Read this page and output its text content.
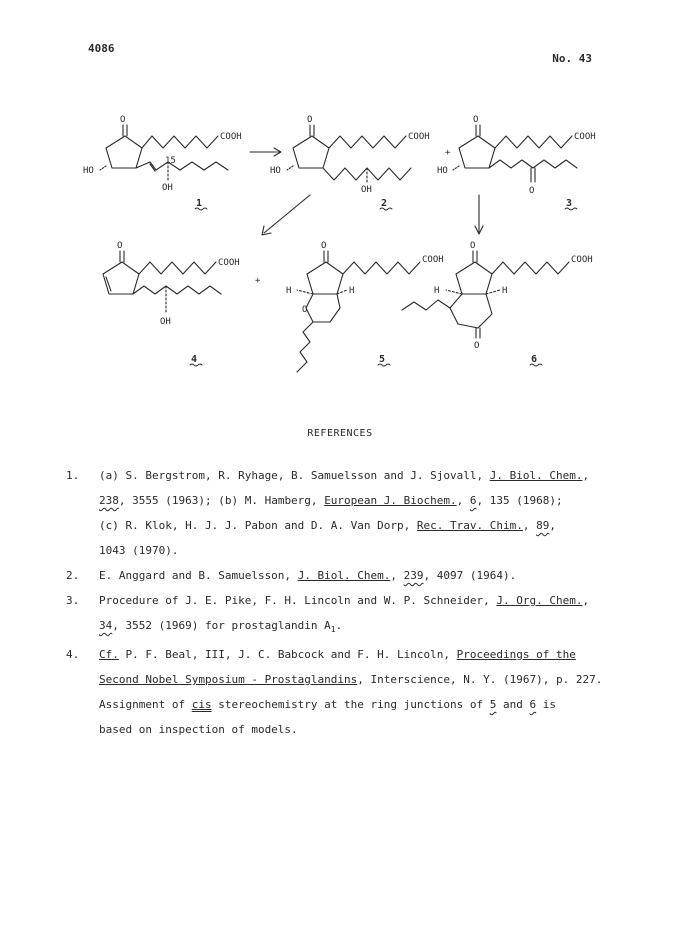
4086
No. 43
O
COOH
HO
15
OH
O
COOH
HO
OH
+
O
COOH
HO
O
O
COOH
OH
+
O
COOH
H	H
O
O
COOH
H	H
O
1	2	3
4	5	6
REFERENCES
1. (a) S. Bergstrom, R. Ryhage, B. Samuelsson and J. Sjovall, J. Biol. Chem.,
238, 3555 (1963); (b) M. Hamberg, European J. Biochem., 6, 135 (1968);
(c) R. Klok, H. J. J. Pabon and D. A. Van Dorp, Rec. Trav. Chim., 89,
1043 (1970).
2. E. Anggard and B. Samuelsson, J. Biol. Chem., 239, 4097 (1964).
3. Procedure of J. E. Pike, F. H. Lincoln and W. P. Schneider, J. Org. Chem.,
34, 3552 (1969) for prostaglandin $A_1$.
4. Cf. P. F. Beal, III, J. C. Babcock and F. H. Lincoln, Proceedings of the
Second Nobel Symposium - Prostaglandins, Interscience, N. Y. (1967), p. 227.
Assignment of cis stereochemistry at the ring junctions of 5 and 6 is
based on inspection of models.
